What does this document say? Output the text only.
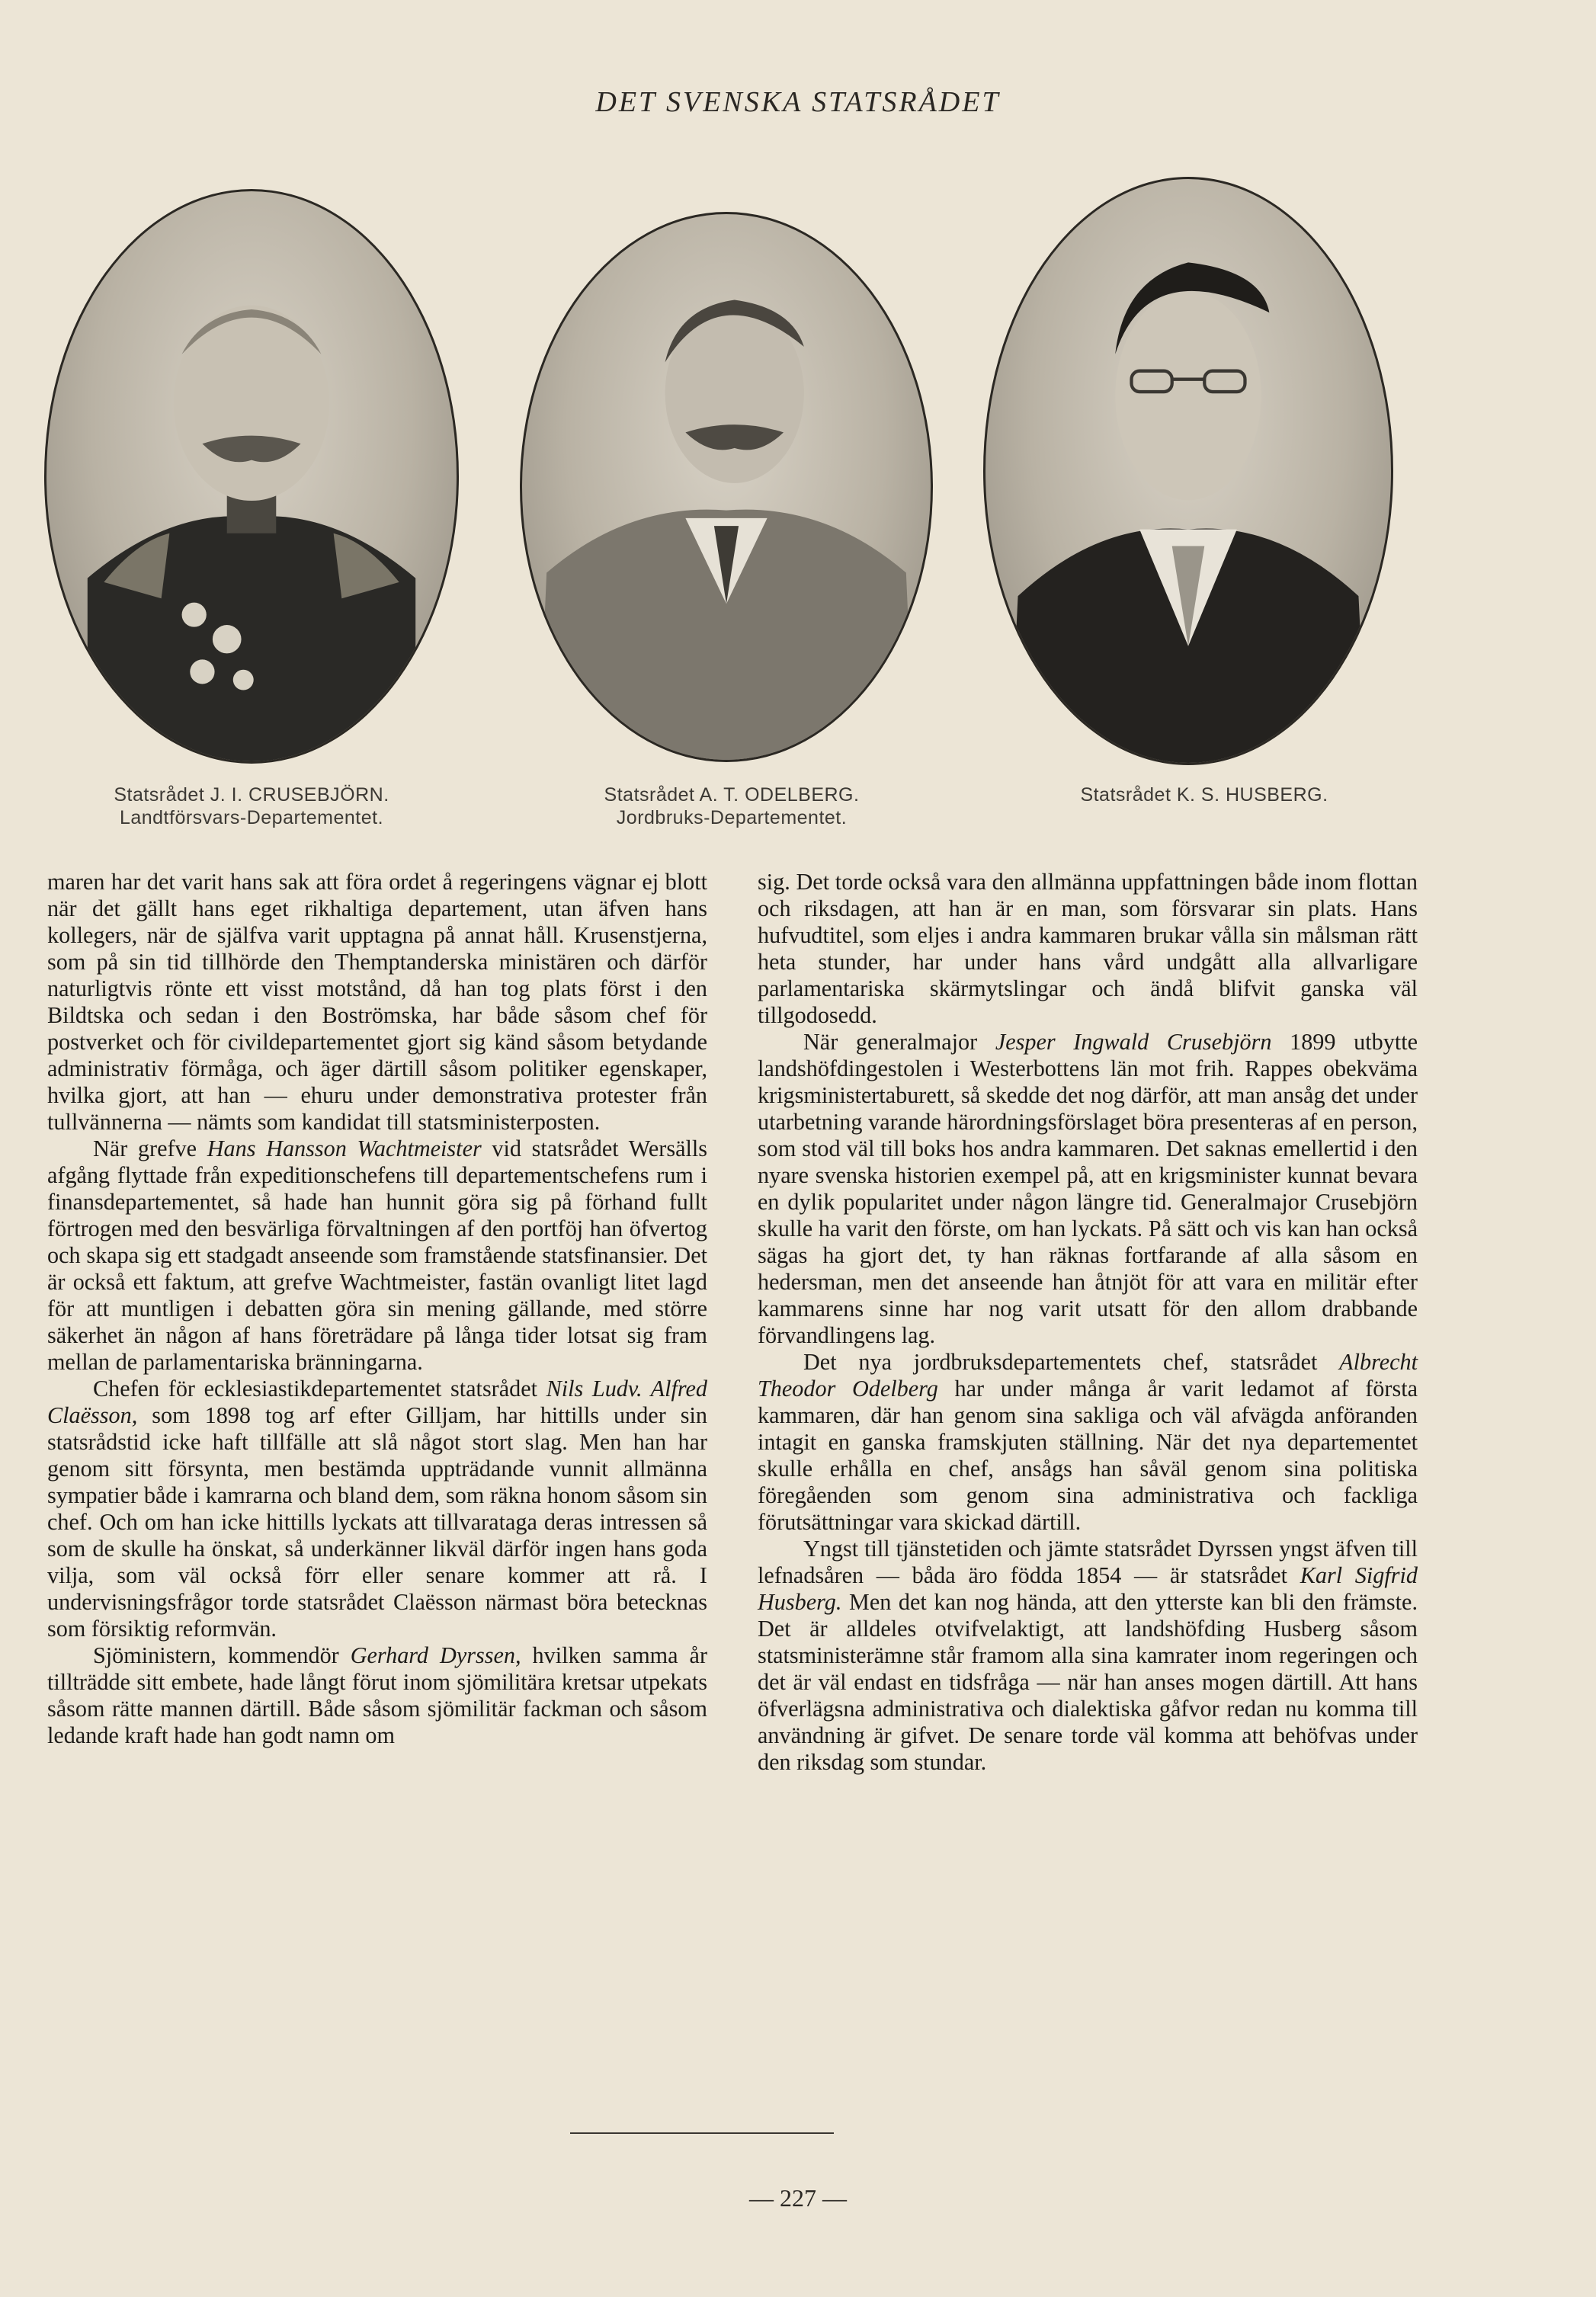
DET SVENSKA STATSRÅDET
Statsrådet J. I. CRUSEBJÖRN.
Landtförsvars-Departementet.
Statsrådet A. T. ODELBERG.
Jordbruks-Departementet.
Statsrådet K. S. HUSBERG.

maren har det varit hans sak att föra ordet å regeringens vägnar ej blott när det gällt hans eget rikhaltiga departement, utan äfven hans kollegers, när de själfva varit upptagna på annat håll. Krusenstjerna, som på sin tid tillhörde den Themptanderska ministären och därför naturligtvis rönte ett visst motstånd, då han tog plats först i den Bildtska och sedan i den Boströmska, har både såsom chef för postverket och för civildepartementet gjort sig känd såsom betydande administrativ förmåga, och äger därtill såsom politiker egenskaper, hvilka gjort, att han — ehuru under demonstrativa protester från tullvännerna — nämts som kandidat till statsministerposten.

När grefve Hans Hansson Wachtmeister vid statsrådet Wersälls afgång flyttade från expeditionschefens till departementschefens rum i finansdepartementet, så hade han hunnit göra sig på förhand fullt förtrogen med den besvärliga förvaltningen af den portföj han öfvertog och skapa sig ett stadgadt anseende som framstående statsfinansier. Det är också ett faktum, att grefve Wachtmeister, fastän ovanligt litet lagd för att muntligen i debatten göra sin mening gällande, med större säkerhet än någon af hans företrädare på långa tider lotsat sig fram mellan de parlamentariska bränningarna.

Chefen för ecklesiastikdepartementet statsrådet Nils Ludv. Alfred Claësson, som 1898 tog arf efter Gilljam, har hittills under sin statsrådstid icke haft tillfälle att slå något stort slag. Men han har genom sitt försynta, men bestämda uppträdande vunnit allmänna sympatier både i kamrarna och bland dem, som räkna honom såsom sin chef. Och om han icke hittills lyckats att tillvarataga deras intressen så som de skulle ha önskat, så underkänner likväl därför ingen hans goda vilja, som väl också förr eller senare kommer att rå. I undervisningsfrågor torde statsrådet Claësson närmast böra betecknas som försiktig reformvän.

Sjöministern, kommendör Gerhard Dyrssen, hvilken samma år tillträdde sitt embete, hade långt förut inom sjömilitära kretsar utpekats såsom rätte mannen därtill. Både såsom sjömilitär fackman och såsom ledande kraft hade han godt namn om

sig. Det torde också vara den allmänna uppfattningen både inom flottan och riksdagen, att han är en man, som försvarar sin plats. Hans hufvudtitel, som eljes i andra kammaren brukar vålla sin målsman rätt heta stunder, har under hans vård undgått alla allvarligare parlamentariska skärmytslingar och ändå blifvit ganska väl tillgodosedd.

När generalmajor Jesper Ingwald Crusebjörn 1899 utbytte landshöfdingestolen i Westerbottens län mot frih. Rappes obekväma krigsministertaburett, så skedde det nog därför, att man ansåg det under utarbetning varande härordningsförslaget böra presenteras af en person, som stod väl till boks hos andra kammaren. Det saknas emellertid i den nyare svenska historien exempel på, att en krigsminister kunnat bevara en dylik popularitet under någon längre tid. Generalmajor Crusebjörn skulle ha varit den förste, om han lyckats. På sätt och vis kan han också sägas ha gjort det, ty han räknas fortfarande af alla såsom en hedersman, men det anseende han åtnjöt för att vara en militär efter kammarens sinne har nog varit utsatt för den allom drabbande förvandlingens lag.

Det nya jordbruksdepartementets chef, statsrådet Albrecht Theodor Odelberg har under många år varit ledamot af första kammaren, där han genom sina sakliga och väl afvägda anföranden intagit en ganska framskjuten ställning. När det nya departementet skulle erhålla en chef, ansågs han såväl genom sina politiska föregåenden som genom sina administrativa och fackliga förutsättningar vara skickad därtill.

Yngst till tjänstetiden och jämte statsrådet Dyrssen yngst äfven till lefnadsåren — båda äro födda 1854 — är statsrådet Karl Sigfrid Husberg. Men det kan nog hända, att den ytterste kan bli den främste. Det är alldeles otvifvelaktigt, att landshöfding Husberg såsom statsministerämne står framom alla sina kamrater inom regeringen och det är väl endast en tidsfråga — när han anses mogen därtill. Att hans öfverlägsna administrativa och dialektiska gåfvor redan nu komma till användning är gifvet. De senare torde väl komma att behöfvas under den riksdag som stundar.

— 227 —
